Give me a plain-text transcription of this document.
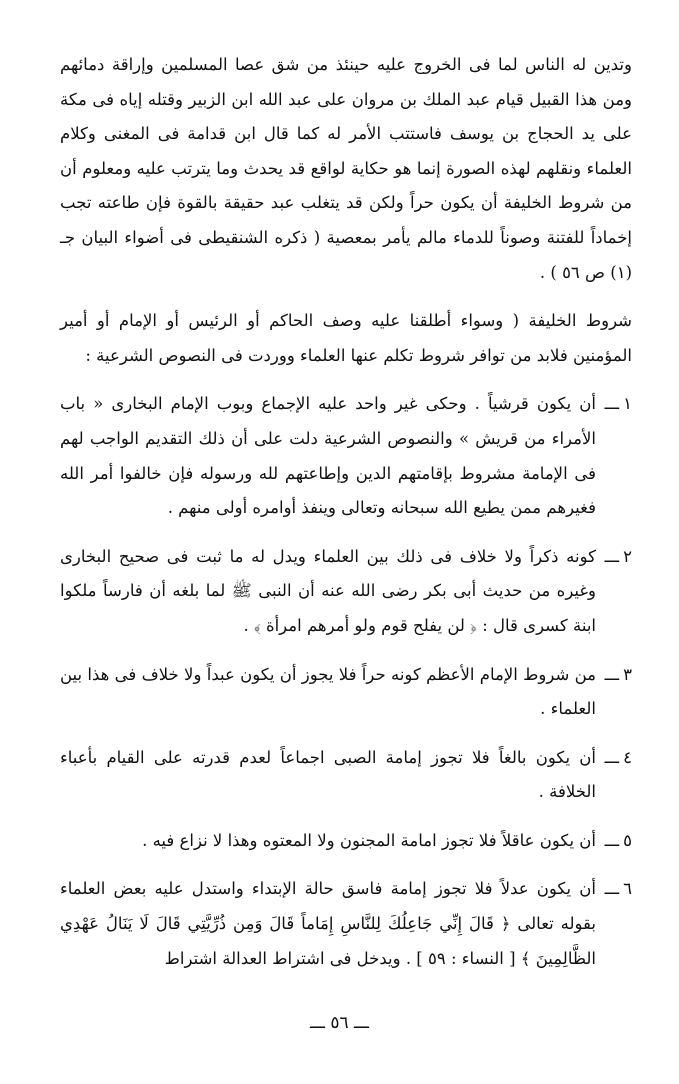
وتدين له الناس لما فى الخروج عليه حينئذ من شق عصا المسلمين وإراقة دمائهم ومن هذا القبيل قيام عبد الملك بن مروان على عبد الله ابن الزبير وقتله إياه فى مكة على يد الحجاج بن يوسف فاستتب الأمر له كما قال ابن قدامة فى المغنى وكلام العلماء ونقلهم لهذه الصورة إنما هو حكاية لواقع قد يحدث وما يترتب عليه ومعلوم أن من شروط الخليفة أن يكون حراً ولكن قد يتغلب عبد حقيقة بالقوة فإن طاعته تجب إخماداً للفتنة وصوناً للدماء مالم يأمر بمعصية ( ذكره الشنقيطى فى أضواء البيان جـ (١) ص ٥٦ ) .

شروط الخليفة ( وسواء أطلقنا عليه وصف الحاكم أو الرئيس أو الإمام أو أمير المؤمنين فلابد من توافر شروط تكلم عنها العلماء ووردت فى النصوص الشرعية :

١ـــ
أن يكون قرشياً . وحكى غير واحد عليه الإجماع وبوب الإمام البخارى « باب الأمراء من قريش » والنصوص الشرعية دلت على أن ذلك التقديم الواجب لهم فى الإمامة مشروط بإقامتهم الدين وإطاعتهم لله ورسوله فإن خالفوا أمر الله فغيرهم ممن يطيع الله سبحانه وتعالى وينفذ أوامره أولى منهم .
٢ـــ
كونه ذكراً ولا خلاف فى ذلك بين العلماء ويدل له ما ثبت فى صحيح البخارى وغيره من حديث أبى بكر رضى الله عنه أن النبى ﷺ لما بلغه أن فارساً ملكوا ابنة كسرى قال : ﴿ لن يفلح قوم ولو أمرهم امرأة ﴾ .
٣ـــ
من شروط الإمام الأعظم كونه حراً فلا يجوز أن يكون عبداً ولا خلاف فى هذا بين العلماء .
٤ـــ
أن يكون بالغاً فلا تجوز إمامة الصبى اجماعاً لعدم قدرته على القيام بأعباء الخلافة .
٥ـــ
أن يكون عاقلاً فلا تجوز امامة المجنون ولا المعتوه وهذا لا نزاع فيه .
٦ـــ
أن يكون عدلاً فلا تجوز إمامة فاسق حالة الإبتداء واستدل عليه بعض العلماء بقوله تعالى ﴿ قَالَ إِنِّي جَاعِلُكَ لِلنَّاسِ إِمَاماً قَالَ وَمِن ذُرِّيَّتِي قَالَ لَا يَنَالُ عَهْدِي الظَّالِمِينَ ﴾ [ النساء : ٥٩ ] . ويدخل فى اشتراط العدالة اشتراط
ـــ ٥٦ ـــ
